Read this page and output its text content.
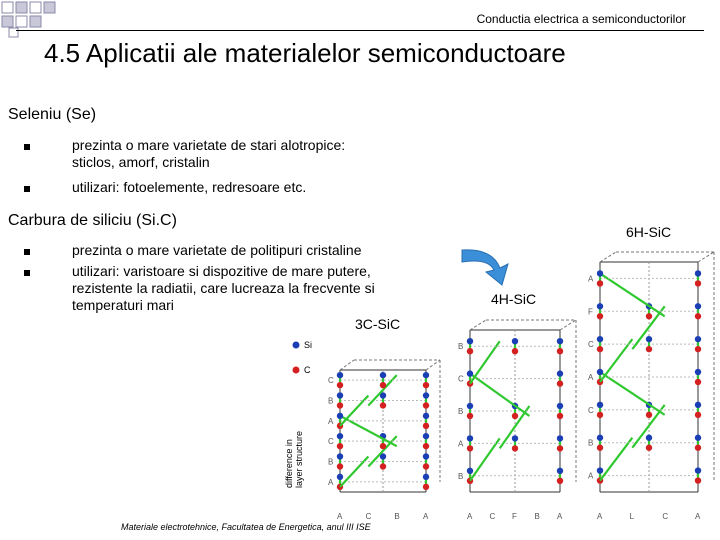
Conductia electrica a semiconductorilor
4.5 Aplicatii ale materialelor semiconductoare
Seleniu (Se)
prezinta o mare varietate de stari alotropice:
sticlos, amorf, cristalin
utilizari: fotoelemente, redresoare etc.
Carbura de siliciu (Si.C)
prezinta o mare varietate de politipuri cristaline
utilizari: varistoare si dispozitive de mare putere,
rezistente la radiatii, care lucreaza la frecvente si
temperaturi mari
6H-SiC
4H-SiC
3C-SiC
Si
C
difference in layer structure	A
B
C
A
B
C
A	C	B	A
B
A
B
C
B
A C F B A
A
B
C
A
C
F
A
A	L	C	A
Materiale electrotehnice, Facultatea de Energetica, anul III ISE
